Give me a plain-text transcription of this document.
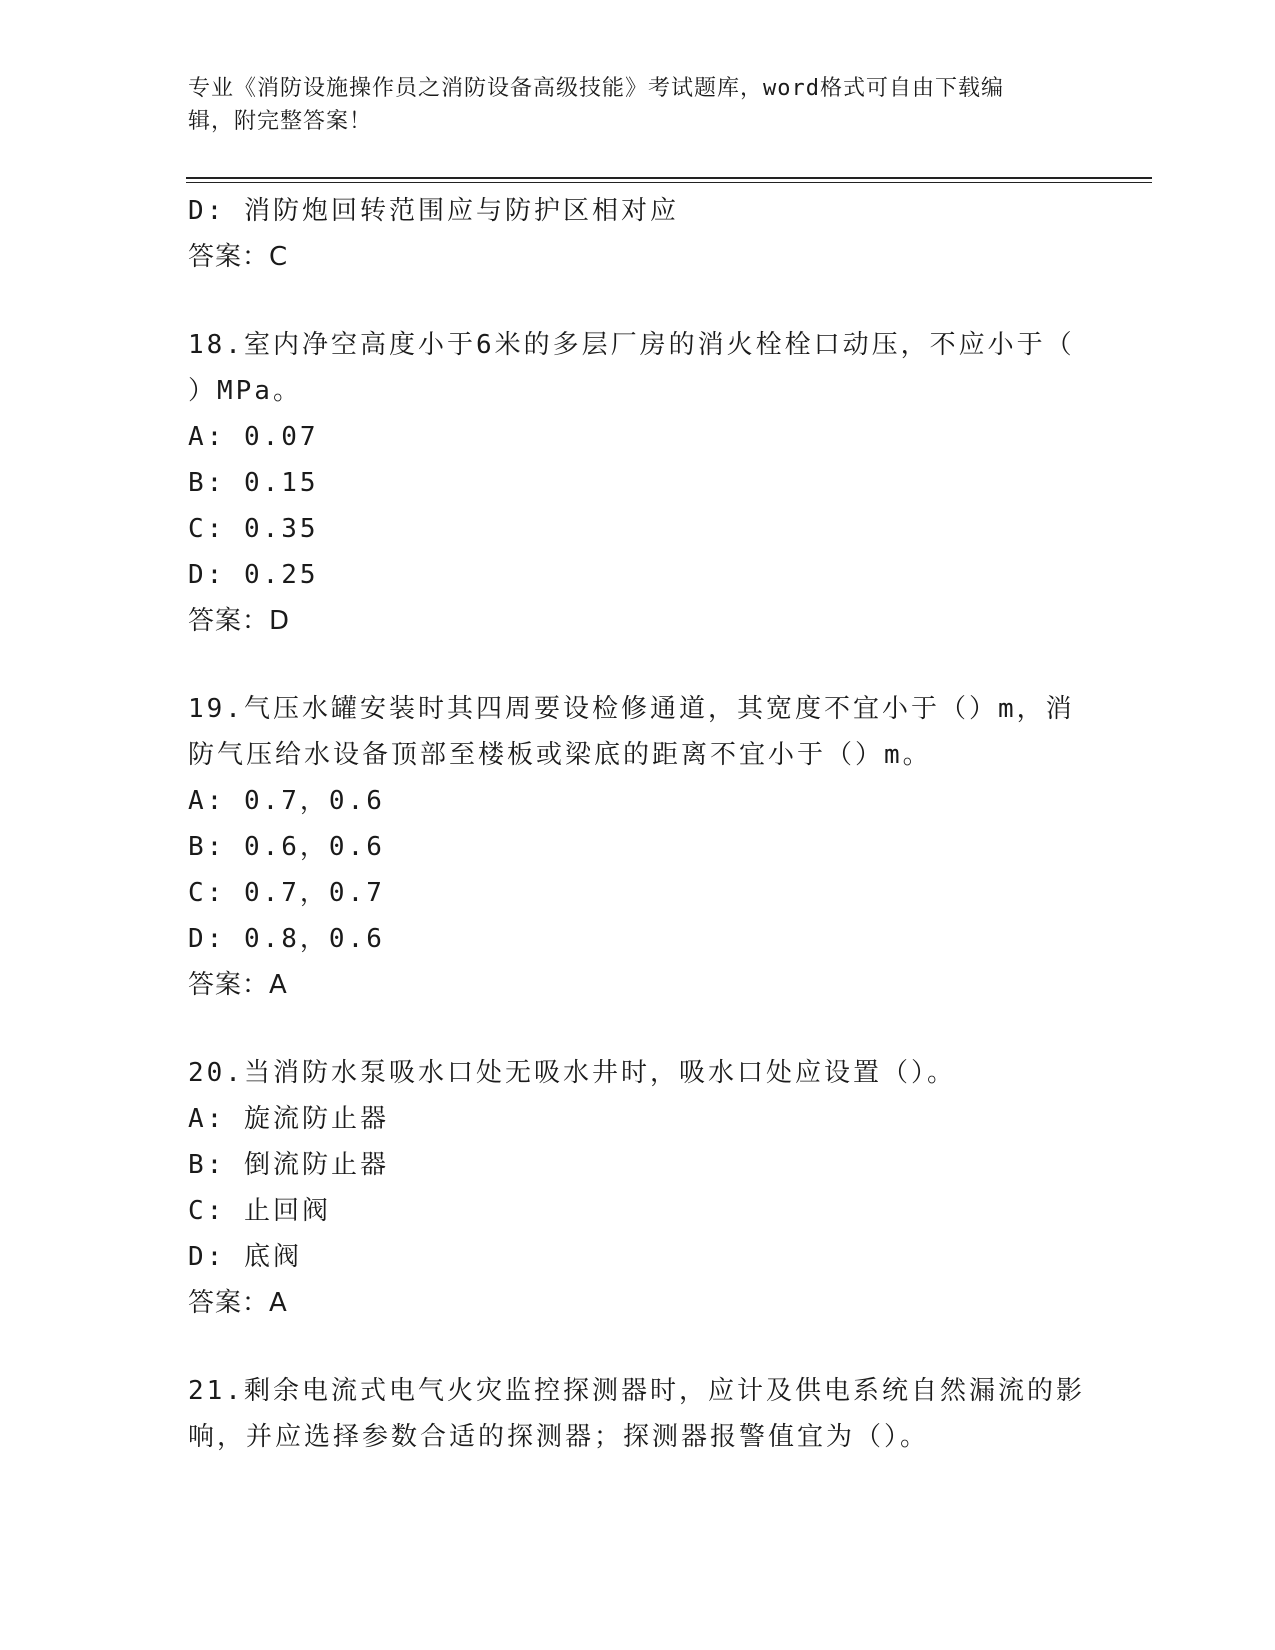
专业《消防设施操作员之消防设备高级技能》考试题库，word格式可自由下载编
辑，附完整答案！
D: 消防炮回转范围应与防护区相对应
答案：C
18.室内净空高度小于6米的多层厂房的消火栓栓口动压，不应小于（
）MPa。
A: 0.07
B: 0.15
C: 0.35
D: 0.25
答案：D
19.气压水罐安装时其四周要设检修通道，其宽度不宜小于（）m，消
防气压给水设备顶部至楼板或梁底的距离不宜小于（）m。
A: 0.7，0.6
B: 0.6，0.6
C: 0.7，0.7
D: 0.8，0.6
答案：A
20.当消防水泵吸水口处无吸水井时，吸水口处应设置（）。
A: 旋流防止器
B: 倒流防止器
C: 止回阀
D: 底阀
答案：A
21.剩余电流式电气火灾监控探测器时，应计及供电系统自然漏流的影
响，并应选择参数合适的探测器；探测器报警值宜为（）。
